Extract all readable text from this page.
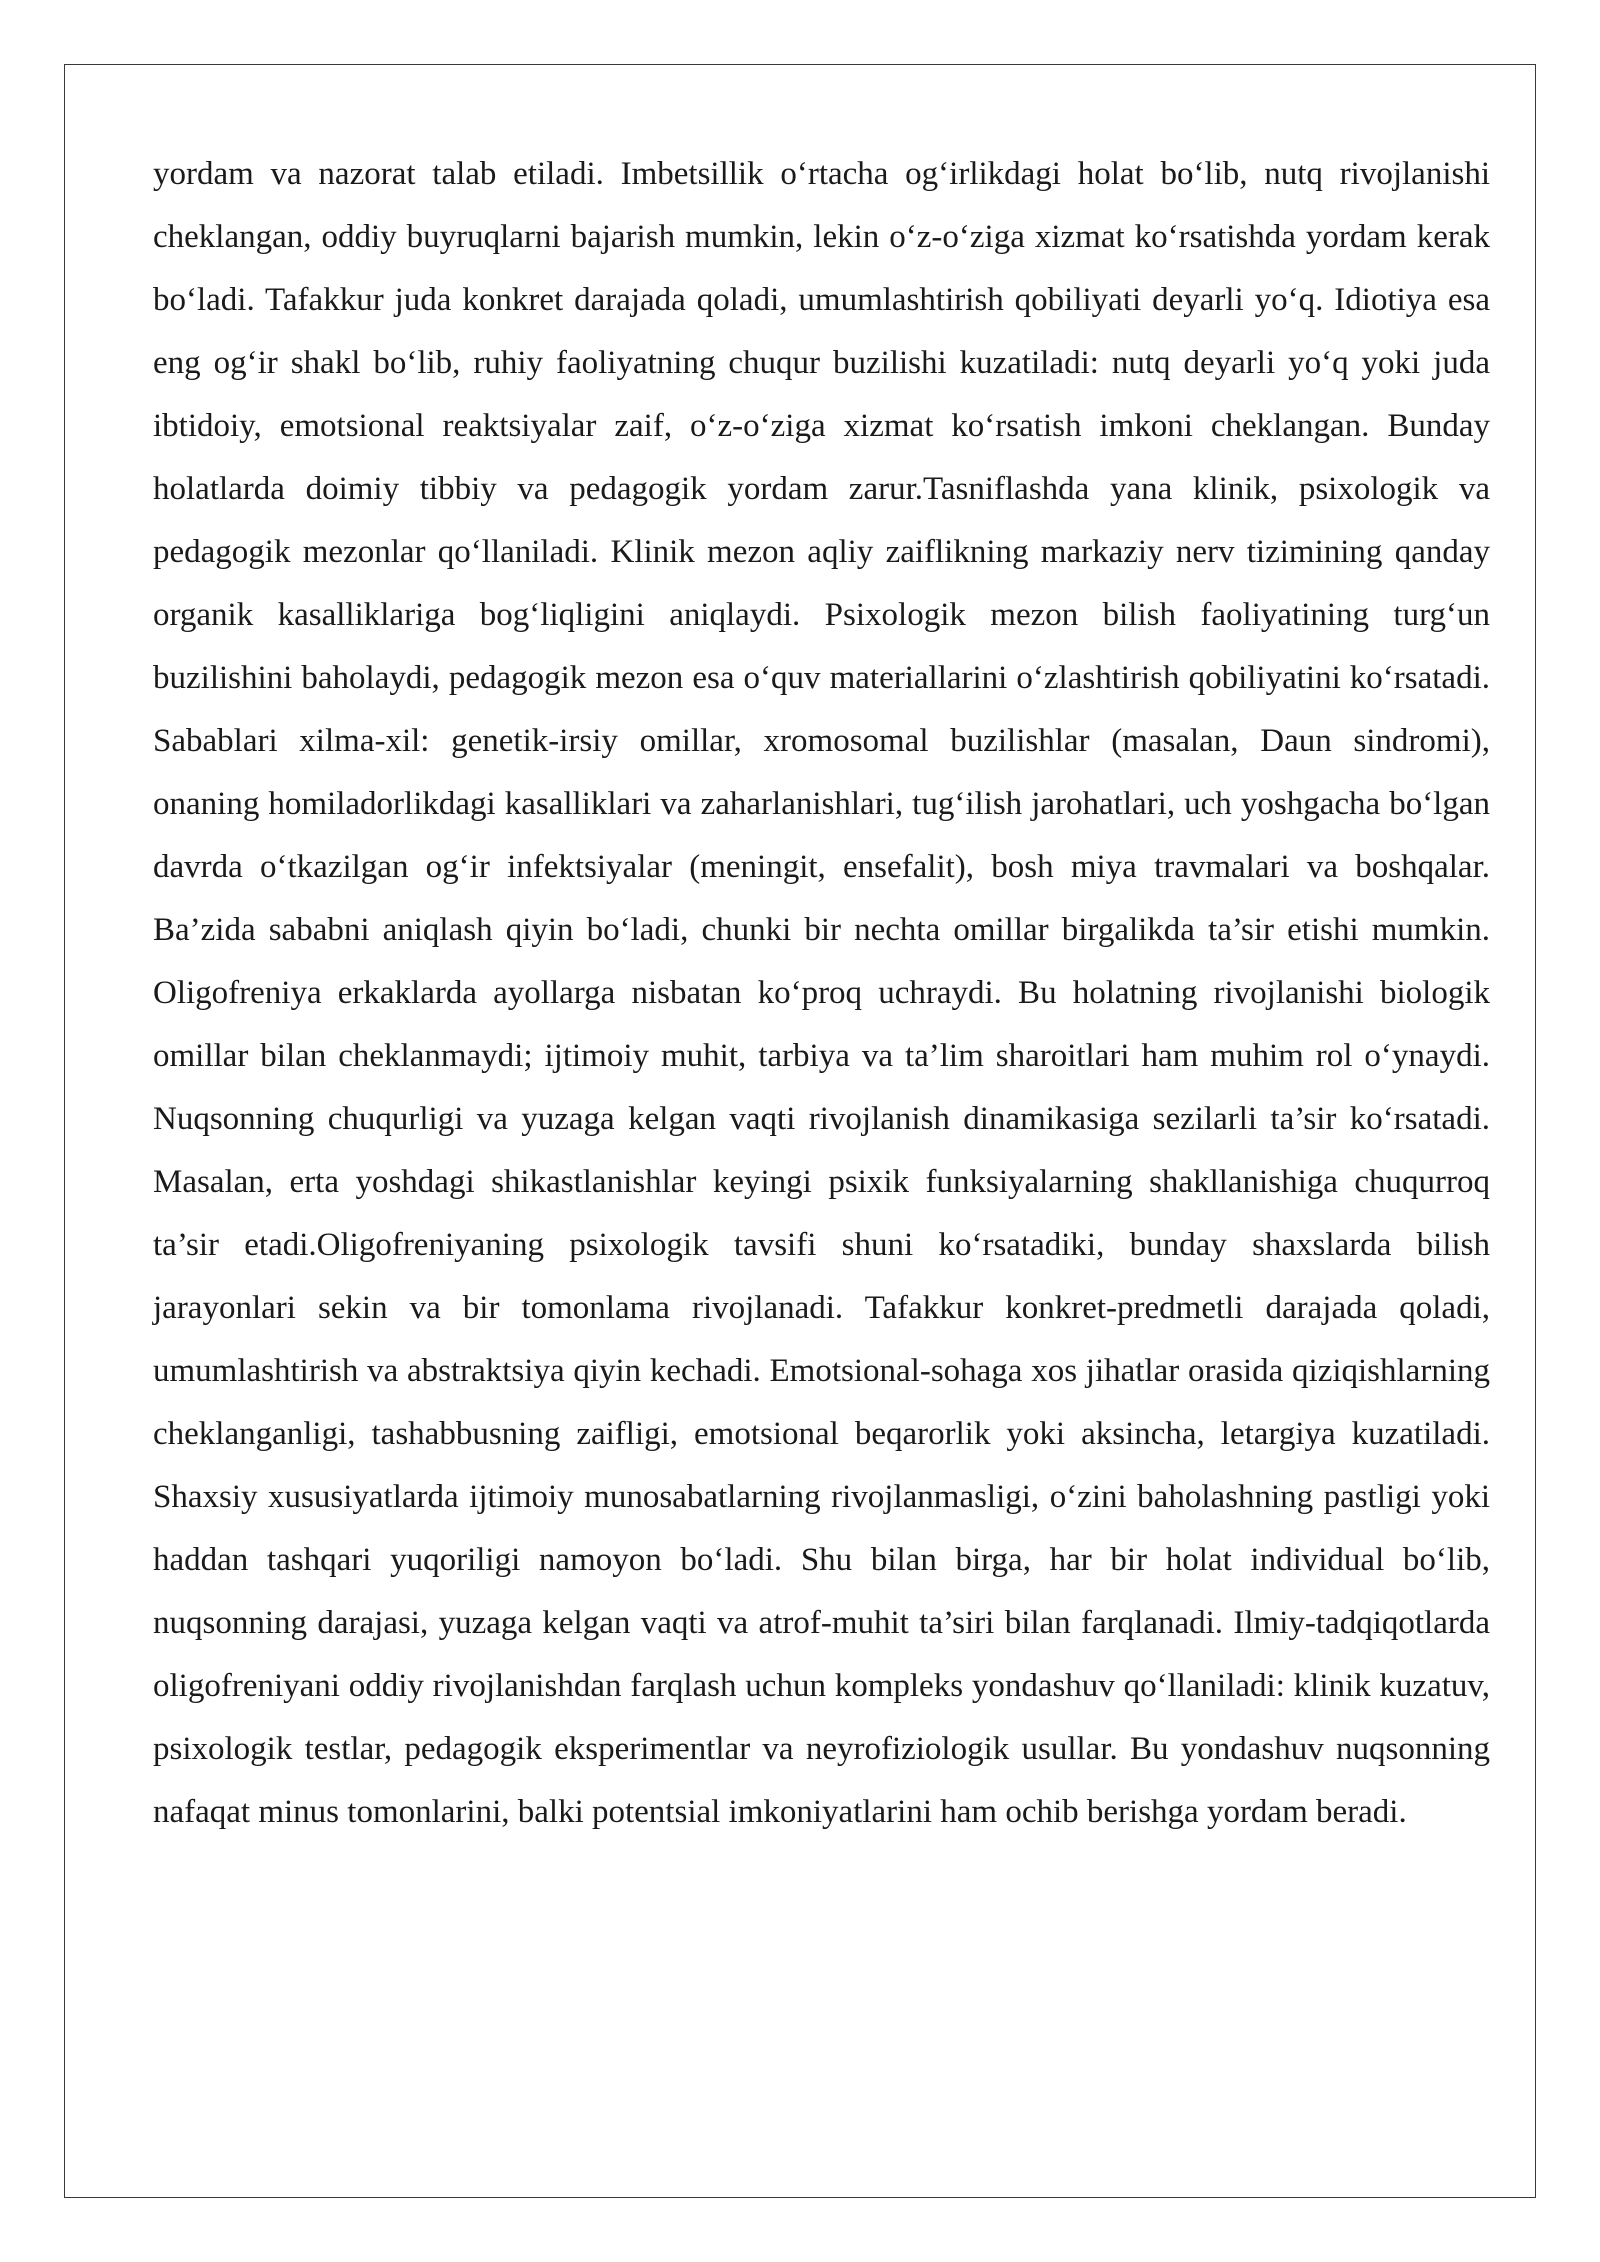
yordam va nazorat talab etiladi. Imbetsillik o‘rtacha og‘irlikdagi holat bo‘lib, nutq rivojlanishi cheklangan, oddiy buyruqlarni bajarish mumkin, lekin o‘z-o‘ziga xizmat ko‘rsatishda yordam kerak bo‘ladi. Tafakkur juda konkret darajada qoladi, umumlashtirish qobiliyati deyarli yo‘q. Idiotiya esa eng og‘ir shakl bo‘lib, ruhiy faoliyatning chuqur buzilishi kuzatiladi: nutq deyarli yo‘q yoki juda ibtidoiy, emotsional reaktsiyalar zaif, o‘z-o‘ziga xizmat ko‘rsatish imkoni cheklangan. Bunday holatlarda doimiy tibbiy va pedagogik yordam zarur.Tasniflashda yana klinik, psixologik va pedagogik mezonlar qo‘llaniladi. Klinik mezon aqliy zaiflikning markaziy nerv tizimining qanday organik kasalliklariga bog‘liqligini aniqlaydi. Psixologik mezon bilish faoliyatining turg‘un buzilishini baholaydi, pedagogik mezon esa o‘quv materiallarini o‘zlashtirish qobiliyatini ko‘rsatadi. Sabablari xilma-xil: genetik-irsiy omillar, xromosomal buzilishlar (masalan, Daun sindromi), onaning homiladorlikdagi kasalliklari va zaharlanishlari, tug‘ilish jarohatlari, uch yoshgacha bo‘lgan davrda o‘tkazilgan og‘ir infektsiyalar (meningit, ensefalit), bosh miya travmalari va boshqalar. Ba’zida sababni aniqlash qiyin bo‘ladi, chunki bir nechta omillar birgalikda ta’sir etishi mumkin. Oligofreniya erkaklarda ayollarga nisbatan ko‘proq uchraydi. Bu holatning rivojlanishi biologik omillar bilan cheklanmaydi; ijtimoiy muhit, tarbiya va ta’lim sharoitlari ham muhim rol o‘ynaydi. Nuqsonning chuqurligi va yuzaga kelgan vaqti rivojlanish dinamikasiga sezilarli ta’sir ko‘rsatadi. Masalan, erta yoshdagi shikastlanishlar keyingi psixik funksiyalarning shakllanishiga chuqurroq ta’sir etadi.Oligofreniyaning psixologik tavsifi shuni ko‘rsatadiki, bunday shaxslarda bilish jarayonlari sekin va bir tomonlama rivojlanadi. Tafakkur konkret-predmetli darajada qoladi, umumlashtirish va abstraktsiya qiyin kechadi. Emotsional-sohaga xos jihatlar orasida qiziqishlarning cheklanganligi, tashabbusning zaifligi, emotsional beqarorlik yoki aksincha, letargiya kuzatiladi. Shaxsiy xususiyatlarda ijtimoiy munosabatlarning rivojlanmasligi, o‘zini baholashning pastligi yoki haddan tashqari yuqoriligi namoyon bo‘ladi. Shu bilan birga, har bir holat individual bo‘lib, nuqsonning darajasi, yuzaga kelgan vaqti va atrof-muhit ta’siri bilan farqlanadi. Ilmiy-tadqiqotlarda oligofreniyani oddiy rivojlanishdan farqlash uchun kompleks yondashuv qo‘llaniladi: klinik kuzatuv, psixologik testlar, pedagogik eksperimentlar va neyrofiziologik usullar. Bu yondashuv nuqsonning nafaqat minus tomonlarini, balki potentsial imkoniyatlarini ham ochib berishga yordam beradi.
